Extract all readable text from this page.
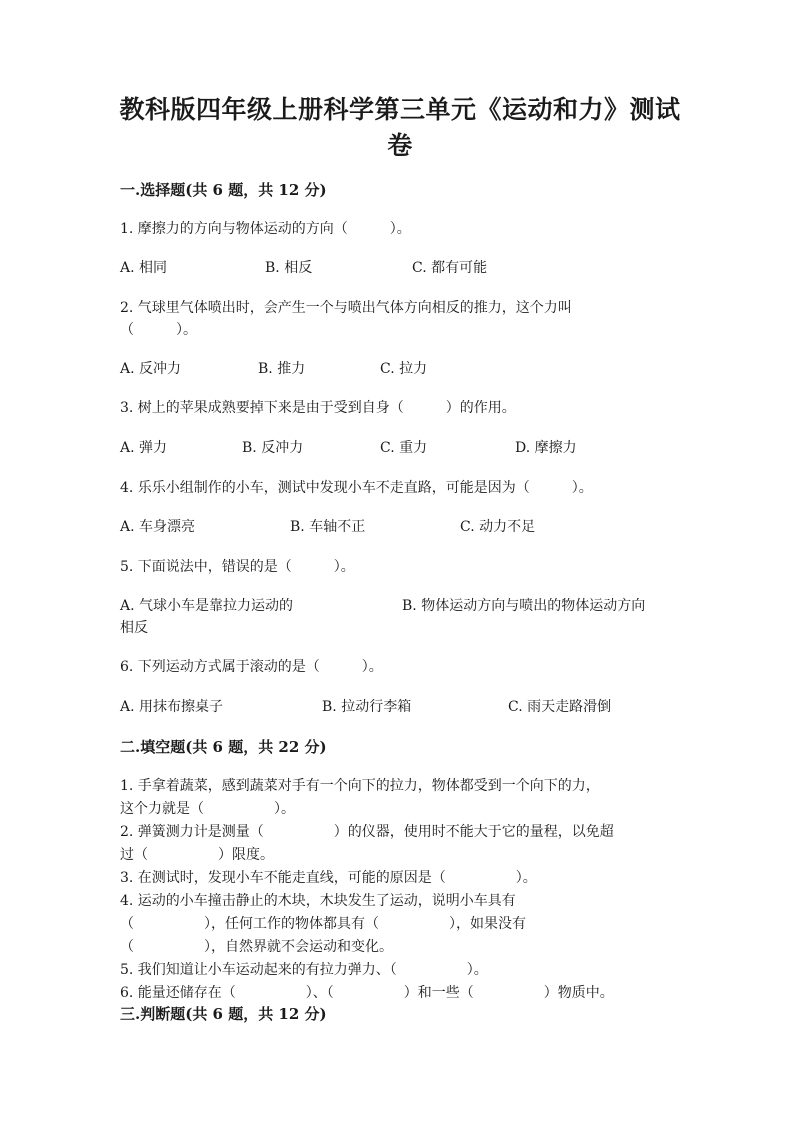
教科版四年级上册科学第三单元《运动和力》测试
卷
一.选择题(共 6 题，共 12 分)
1. 摩擦力的方向与物体运动的方向（　　　）。
A. 相同	B. 相反	C. 都有可能
2. 气球里气体喷出时，会产生一个与喷出气体方向相反的推力，这个力叫
（　　　）。
A. 反冲力	B. 推力	C. 拉力
3. 树上的苹果成熟要掉下来是由于受到自身（　　　）的作用。
A. 弹力	B. 反冲力	C. 重力	D. 摩擦力
4. 乐乐小组制作的小车，测试中发现小车不走直路，可能是因为（　　　）。
A. 车身漂亮	B. 车轴不正	C. 动力不足
5. 下面说法中，错误的是（　　　）。
A. 气球小车是靠拉力运动的	B. 物体运动方向与喷出的物体运动方向
相反
6. 下列运动方式属于滚动的是（　　　）。
A. 用抹布擦桌子	B. 拉动行李箱	C. 雨天走路滑倒
二.填空题(共 6 题，共 22 分)
1. 手拿着蔬菜，感到蔬菜对手有一个向下的拉力，物体都受到一个向下的力，
这个力就是（　　　　　）。
2. 弹簧测力计是测量（　　　　　）的仪器，使用时不能大于它的量程，以免超
过（　　　　　）限度。
3. 在测试时，发现小车不能走直线，可能的原因是（　　　　　）。
4. 运动的小车撞击静止的木块，木块发生了运动，说明小车具有
（　　　　　），任何工作的物体都具有（　　　　　），如果没有
（　　　　　），自然界就不会运动和变化。
5. 我们知道让小车运动起来的有拉力弹力、（　　　　　）。
6. 能量还储存在（　　　　　）、（　　　　　）和一些（　　　　　）物质中。
三.判断题(共 6 题，共 12 分)
